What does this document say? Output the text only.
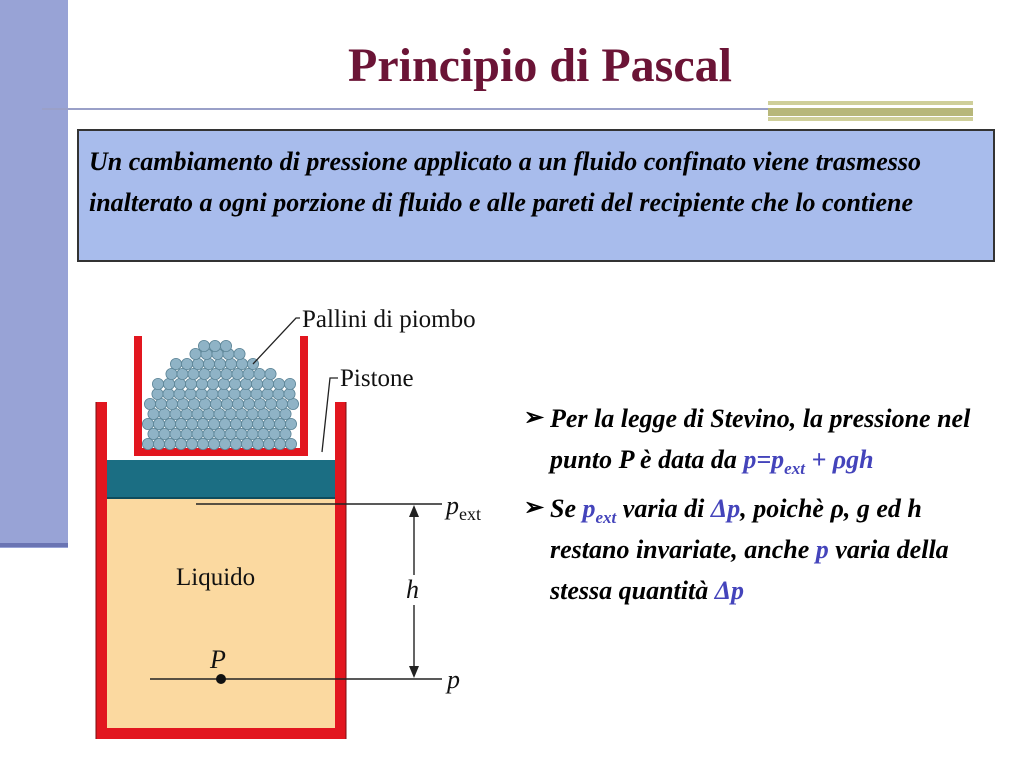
Principio di Pascal
Un cambiamento di pressione applicato a un fluido confinato viene trasmesso inalterato a ogni porzione di fluido e alle pareti del recipiente che lo contiene
Pallini di piombo
Pistone
Liquido
P
$p_{ext}$
h
p
➢ Per la legge di Stevino, la pressione nel punto P è data da $p=p_{ext} + \rho gh$
➢ Se $p_{ext}$ varia di Δp, poichè ρ, g ed h restano invariate, anche p varia della stessa quantità Δp
